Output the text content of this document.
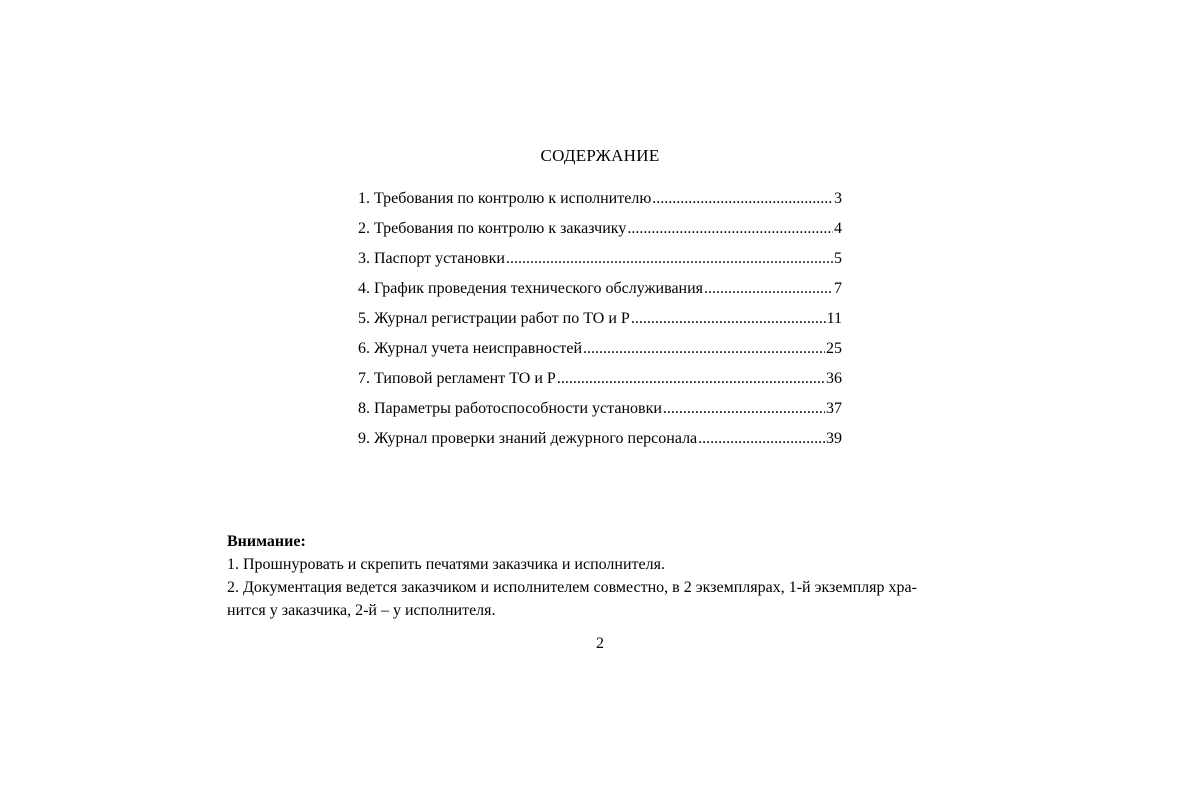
СОДЕРЖАНИЕ
1. Требования по контролю к исполнителю .....	3
2. Требования по контролю к заказчику .....	4
3. Паспорт установки .....	5
4. График проведения технического обслуживания .....	7
5. Журнал регистрации работ по ТО и Р .....	11
6. Журнал учета неисправностей .....	25
7. Типовой регламент ТО и Р .....	36
8. Параметры работоспособности установки .....	37
9. Журнал проверки знаний дежурного персонала .....	39

Внимание:

1. Прошнуровать и скрепить печатями заказчика и исполнителя.

2. Документация ведется заказчиком и исполнителем совместно, в 2 экземплярах, 1-й экземпляр хра-

нится у заказчика, 2-й – у исполнителя.

2
